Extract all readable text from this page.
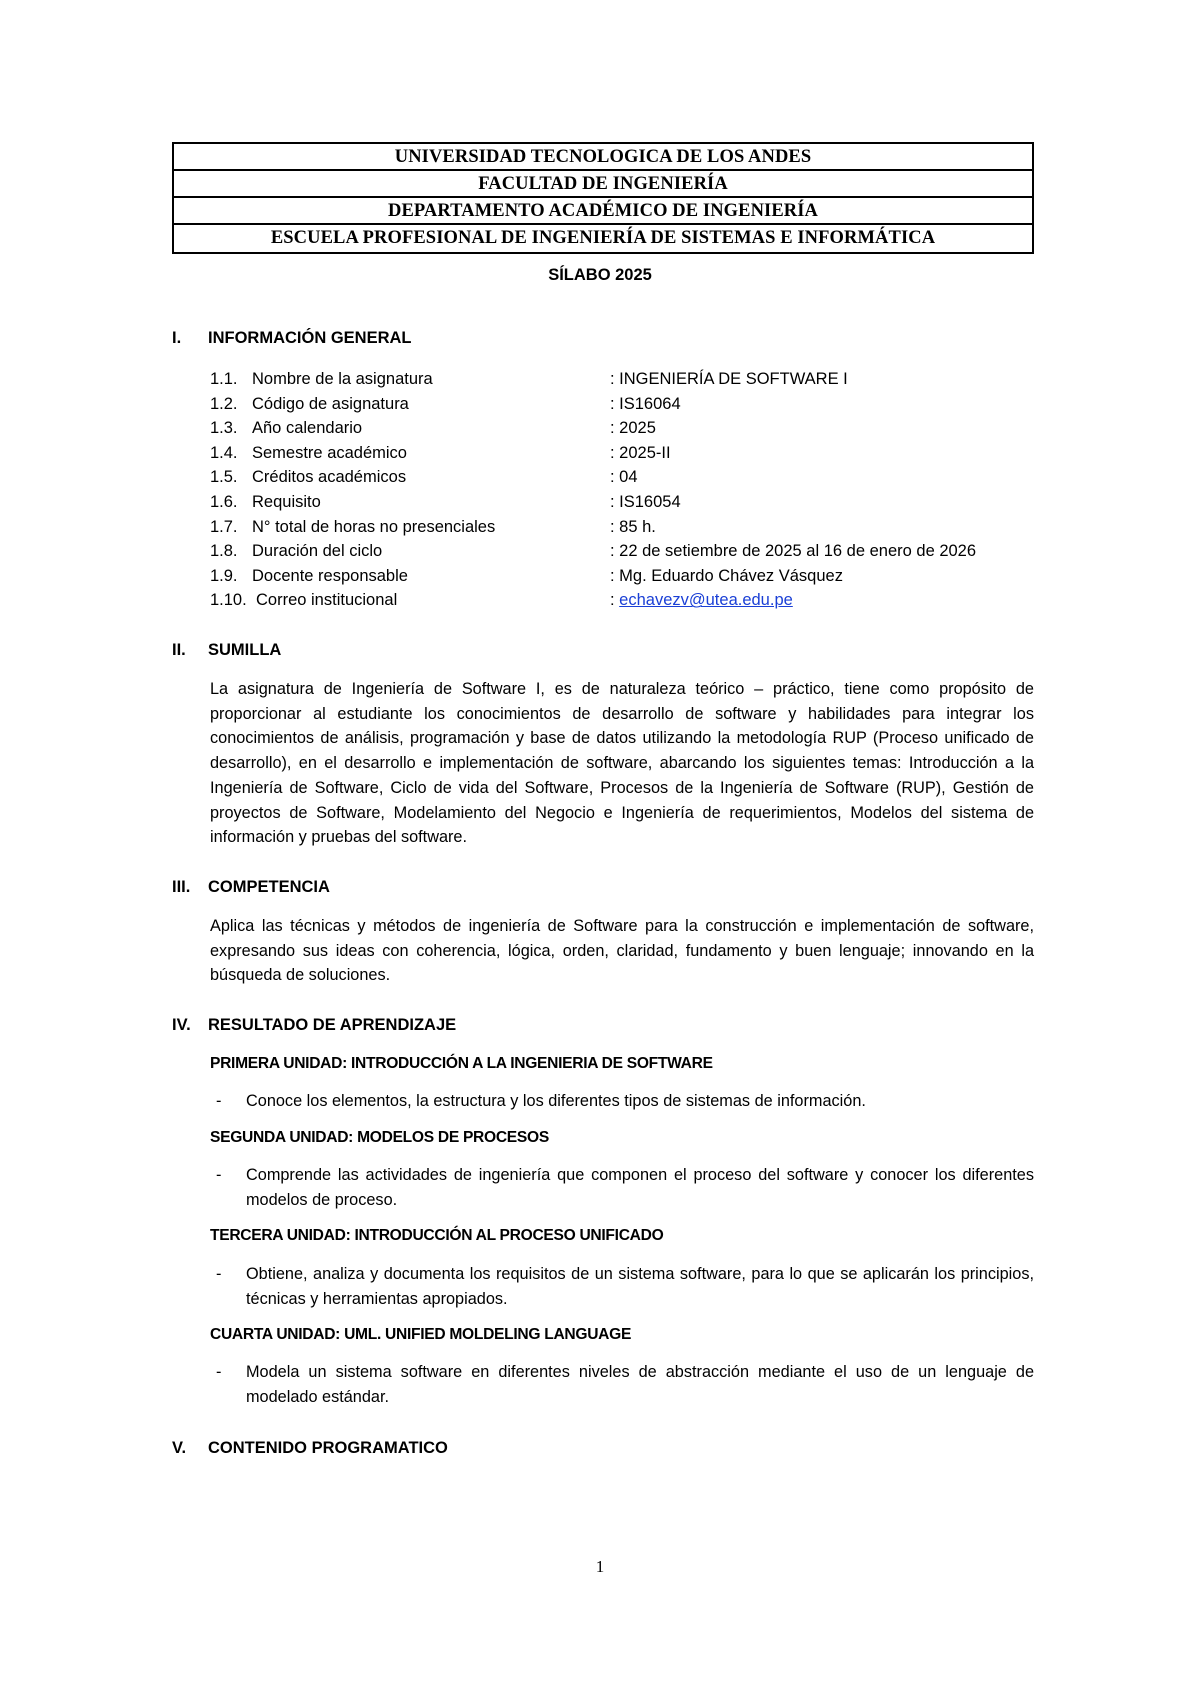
UNIVERSIDAD TECNOLOGICA DE LOS ANDES
FACULTAD DE INGENIERÍA
DEPARTAMENTO ACADÉMICO DE INGENIERÍA
ESCUELA PROFESIONAL DE INGENIERÍA DE SISTEMAS E INFORMÁTICA
SÍLABO 2025
I. INFORMACIÓN GENERAL
1.1. Nombre de la asignatura	: INGENIERÍA DE SOFTWARE I
1.2. Código de asignatura	: IS16064
1.3. Año calendario	: 2025
1.4. Semestre académico	: 2025-II
1.5. Créditos académicos	: 04
1.6. Requisito	: IS16054
1.7. N° total de horas no presenciales	: 85 h.
1.8. Duración del ciclo	: 22 de setiembre de 2025 al 16 de enero de 2026
1.9. Docente responsable	: Mg. Eduardo Chávez Vásquez
1.10. Correo institucional	: echavezv@utea.edu.pe
II. SUMILLA
La asignatura de Ingeniería de Software I, es de naturaleza teórico – práctico, tiene como propósito de proporcionar al estudiante los conocimientos de desarrollo de software y habilidades para integrar los conocimientos de análisis, programación y base de datos utilizando la metodología RUP (Proceso unificado de desarrollo), en el desarrollo e implementación de software, abarcando los siguientes temas: Introducción a la Ingeniería de Software, Ciclo de vida del Software, Procesos de la Ingeniería de Software (RUP), Gestión de proyectos de Software, Modelamiento del Negocio e Ingeniería de requerimientos, Modelos del sistema de información y pruebas del software.
III. COMPETENCIA
Aplica las técnicas y métodos de ingeniería de Software para la construcción e implementación de software, expresando sus ideas con coherencia, lógica, orden, claridad, fundamento y buen lenguaje; innovando en la búsqueda de soluciones.
IV. RESULTADO DE APRENDIZAJE
PRIMERA UNIDAD: INTRODUCCIÓN A LA INGENIERIA DE SOFTWARE
- Conoce los elementos, la estructura y los diferentes tipos de sistemas de información.
SEGUNDA UNIDAD: MODELOS DE PROCESOS
- Comprende las actividades de ingeniería que componen el proceso del software y conocer los diferentes modelos de proceso.
TERCERA UNIDAD: INTRODUCCIÓN AL PROCESO UNIFICADO
- Obtiene, analiza y documenta los requisitos de un sistema software, para lo que se aplicarán los principios, técnicas y herramientas apropiados.
CUARTA UNIDAD: UML. UNIFIED MOLDELING LANGUAGE
- Modela un sistema software en diferentes niveles de abstracción mediante el uso de un lenguaje de modelado estándar.
V. CONTENIDO PROGRAMATICO
1
